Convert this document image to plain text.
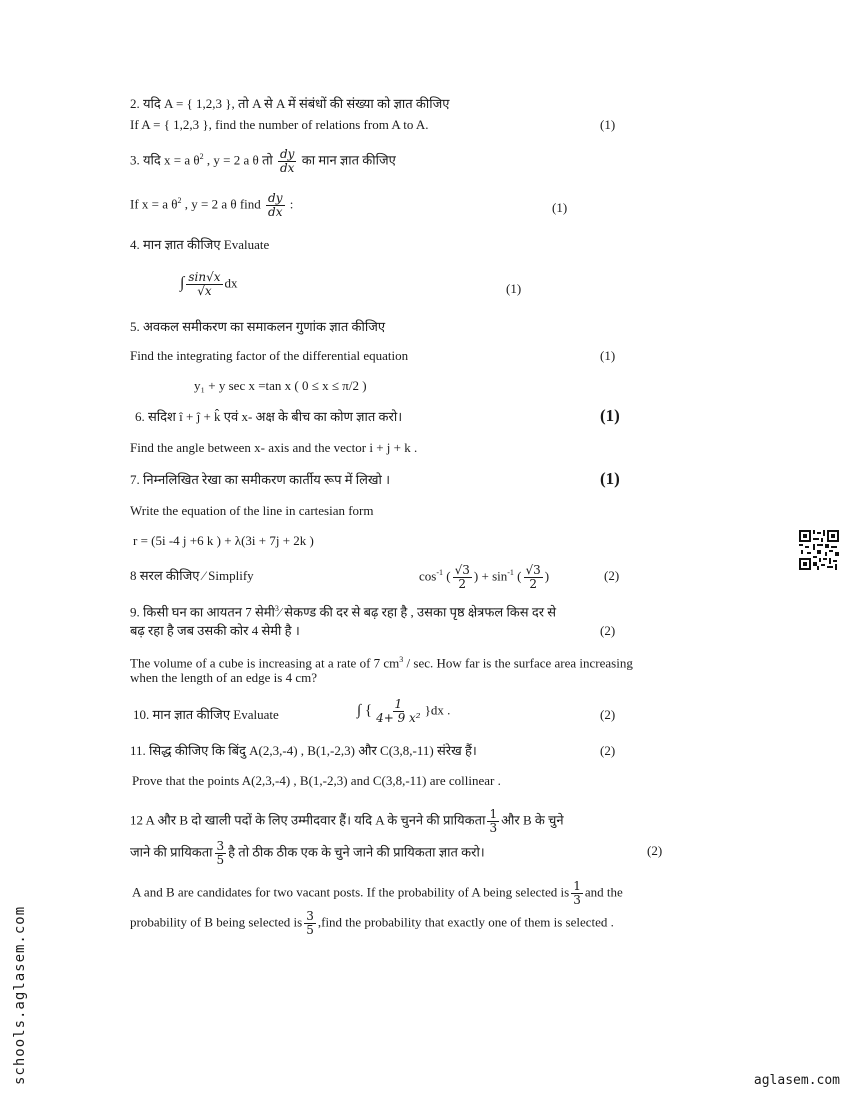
2. यदि A = { 1,2,3 }, तो A से A में संबंधों की संख्या को ज्ञात कीजिए
If A = { 1,2,3 }, find the number of relations from A to A.	(1)
3. यदि x = a $\theta^2$ , y = 2 a θ तो $\frac{dy}{dx}$ का मान ज्ञात कीजिए
If x = a $\theta^2$ , y = 2 a θ find $\frac{dy}{dx}$ :	(1)
4. मान ज्ञात कीजिए Evaluate
∫ $\frac{\sin√x}{√x}$ dx	(1)
5. अवकल समीकरण का समाकलन गुणांक ज्ञात कीजिए
Find the integrating factor of the differential equation	(1)
y₁ + y sec x =tan x ( 0 ≤ x ≤ π/2 )
6. सदिश î + ĵ + k̂ एवं x- अक्ष के बीच का कोण ज्ञात करो।	(1)
Find the angle between x- axis and the vector i + j + k .
7. निम्नलिखित रेखा का समीकरण कार्तीय रूप में लिखो ।	(1)
Write the equation of the line in cartesian form
r = (5i -4 j +6 k ) + λ(3i + 7j + 2k )
8 सरल कीजिए ∕ Simplify	$\cos^{-1}$ ( $\frac{√3}{2}$ ) + $\sin^{-1}$ ( $\frac{√3}{2}$ )	(2)
9. किसी घन का आयतन 7 सेमी$^3$∕ सेकण्ड की दर से बढ़ रहा है , उसका पृष्ठ क्षेत्रफल किस दर से
बढ़ रहा है जब उसकी कोर 4 सेमी है ।	(2)
The volume of a cube is increasing at a rate of 7 $cm^3$ / sec. How far is the surface area increasing
when the length of an edge is 4 cm?
10. मान ज्ञात कीजिए Evaluate	∫ { $\frac{1}{\text{4+ 9 x²}} \}dx$ .	(2)
11. सिद्ध कीजिए कि बिंदु A(2,3,-4) , B(1,-2,3) और C(3,8,-11) संरेख हैं।	(2)
Prove that the points A(2,3,-4) , B(1,-2,3) and C(3,8,-11) are collinear .
12 A और B दो खाली पदों के लिए उम्मीदवार हैं। यदि A के चुनने की प्रायिकता $\frac{1}{3}$ और B के चुने
जाने की प्रायिकता $\frac{3}{5}$ है तो ठीक ठीक एक के चुने जाने की प्रायिकता ज्ञात करो।	(2)
A and B are candidates for two vacant posts. If the probability of A being selected is $\frac{1}{3}$ and the
probability of B being selected is $\frac{3}{5}$ ,find the probability that exactly one of them is selected .
schools.aglasem.com	aglasem.com
